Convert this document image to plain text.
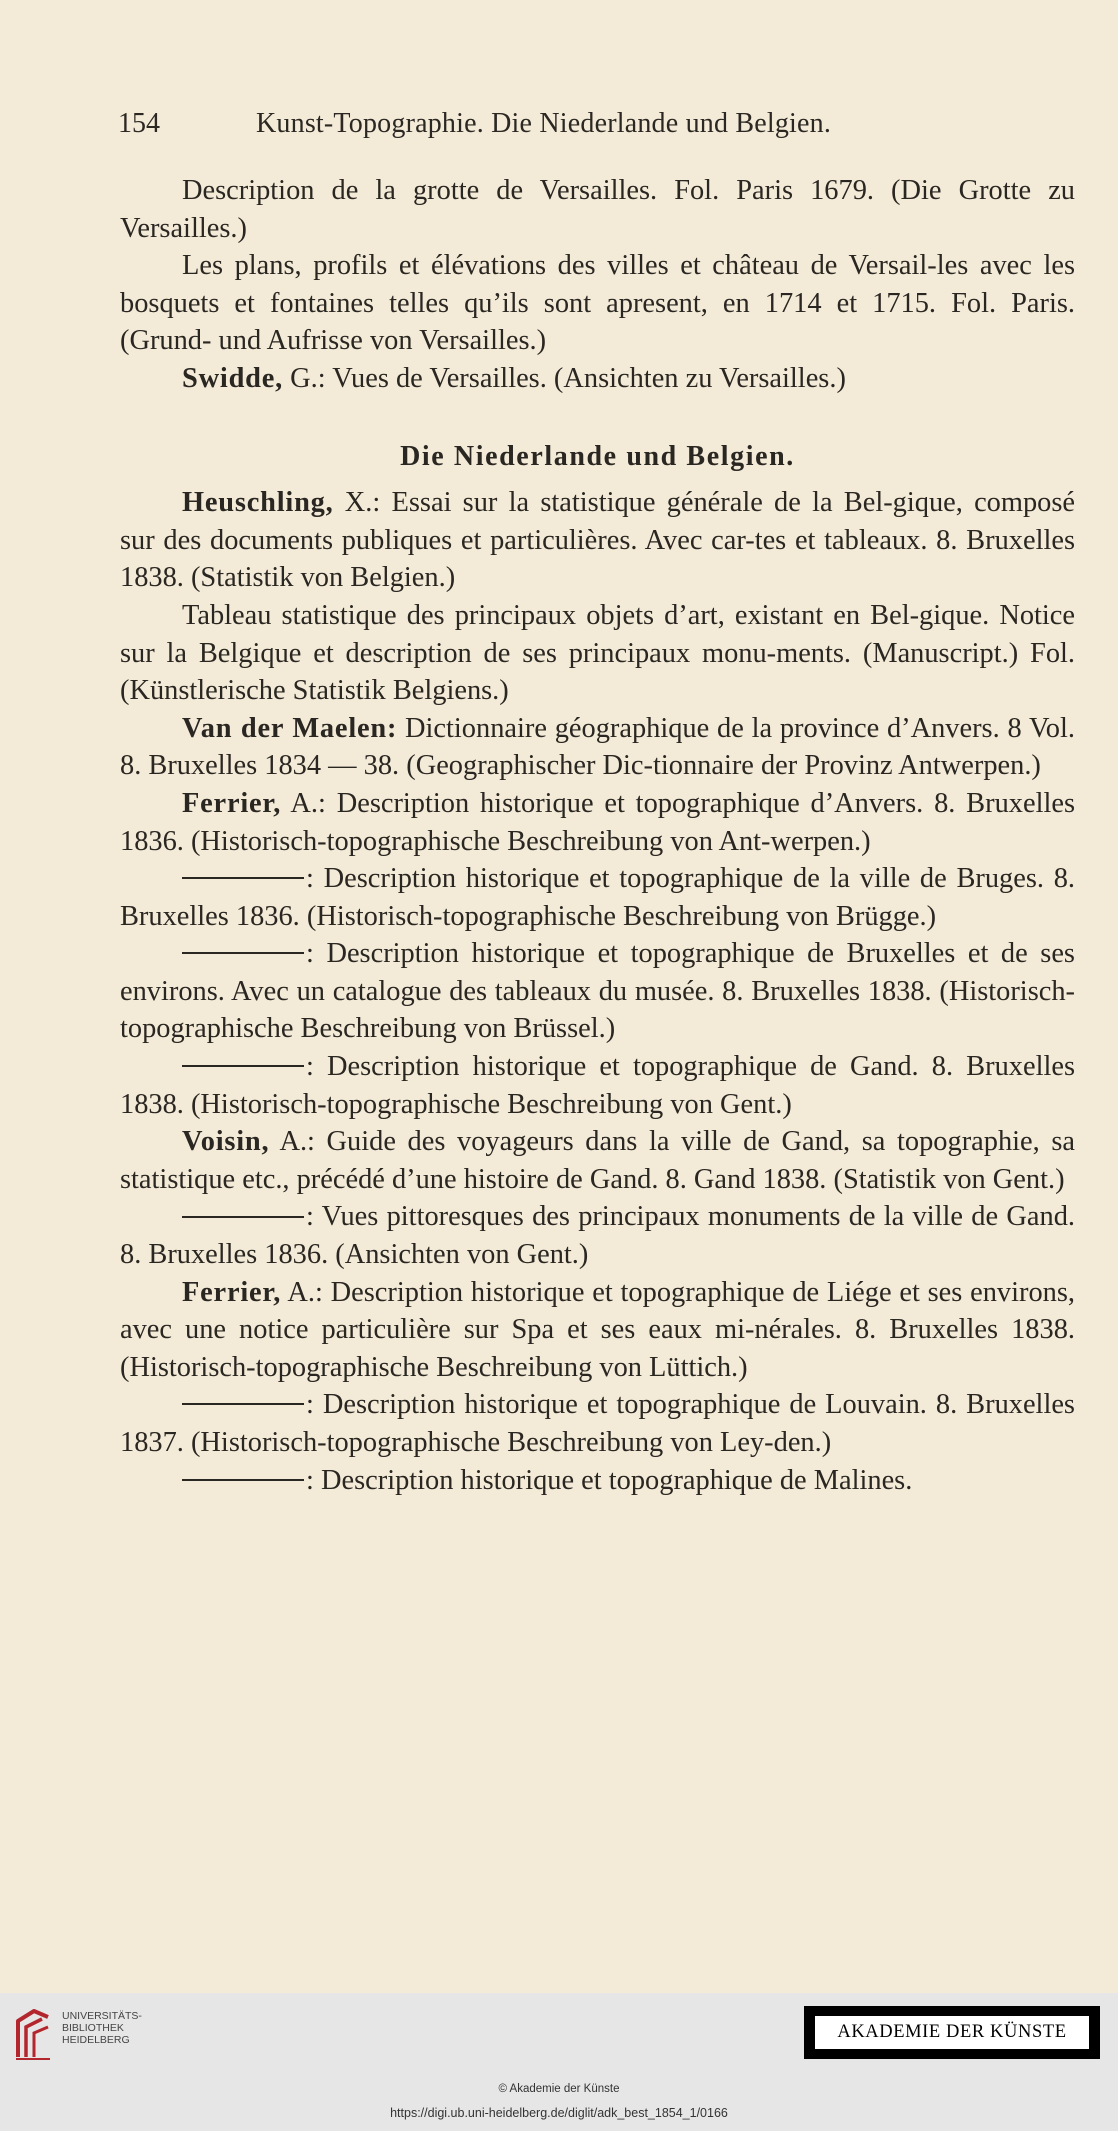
154	Kunst-Topographie. Die Niederlande und Belgien.

Description de la grotte de Versailles. Fol. Paris 1679. (Die Grotte zu Versailles.)

Les plans, profils et élévations des villes et château de Versail-les avec les bosquets et fontaines telles qu’ils sont apresent, en 1714 et 1715. Fol. Paris. (Grund- und Aufrisse von Versailles.)

Swidde, G.: Vues de Versailles. (Ansichten zu Versailles.)

Die Niederlande und Belgien.

Heuschling, X.: Essai sur la statistique générale de la Bel-gique, composé sur des documents publiques et particulières. Avec car-tes et tableaux. 8. Bruxelles 1838. (Statistik von Belgien.)

Tableau statistique des principaux objets d’art, existant en Bel-gique. Notice sur la Belgique et description de ses principaux monu-ments. (Manuscript.) Fol. (Künstlerische Statistik Belgiens.)

Van der Maelen: Dictionnaire géographique de la province d’Anvers. 8 Vol. 8. Bruxelles 1834 — 38. (Geographischer Dic-tionnaire der Provinz Antwerpen.)

Ferrier, A.: Description historique et topographique d’Anvers. 8. Bruxelles 1836. (Historisch-topographische Beschreibung von Ant-werpen.)

: Description historique et topographique de la ville de Bruges. 8. Bruxelles 1836. (Historisch-topographische Beschreibung von Brügge.)

: Description historique et topographique de Bruxelles et de ses environs. Avec un catalogue des tableaux du musée. 8. Bruxelles 1838. (Historisch-topographische Beschreibung von Brüssel.)

: Description historique et topographique de Gand. 8. Bruxelles 1838. (Historisch-topographische Beschreibung von Gent.)

Voisin, A.: Guide des voyageurs dans la ville de Gand, sa topographie, sa statistique etc., précédé d’une histoire de Gand. 8. Gand 1838. (Statistik von Gent.)

: Vues pittoresques des principaux monuments de la ville de Gand. 8. Bruxelles 1836. (Ansichten von Gent.)

Ferrier, A.: Description historique et topographique de Liége et ses environs, avec une notice particulière sur Spa et ses eaux mi-nérales. 8. Bruxelles 1838. (Historisch-topographische Beschreibung von Lüttich.)

: Description historique et topographique de Louvain. 8. Bruxelles 1837. (Historisch-topographische Beschreibung von Ley-den.)

: Description historique et topographique de Malines.

UNIVERSITÄTS-
BIBLIOTHEK
HEIDELBERG	AKADEMIE DER KÜNSTE
© Akademie der Künste
https://digi.ub.uni-heidelberg.de/diglit/adk_best_1854_1/0166
